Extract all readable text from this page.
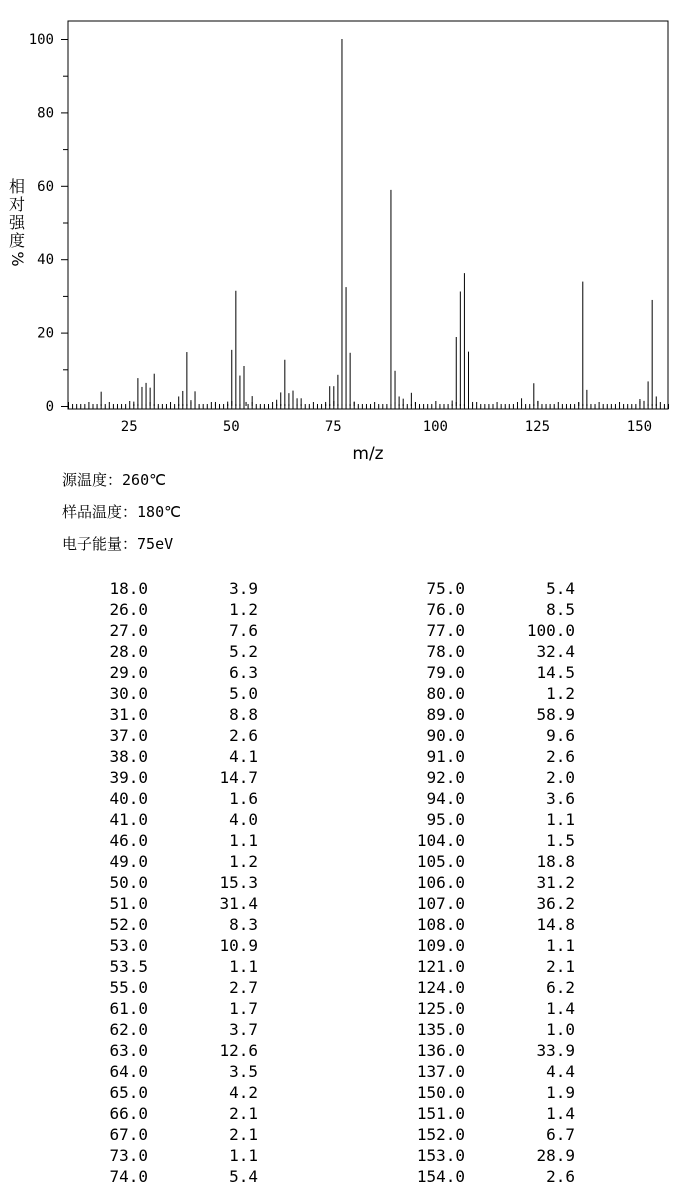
相
对
强
度
%
25	50	75	100	125	150
0
20
40
60
80
100
m/z
源温度：260℃
样品温度：180℃
电子能量：75eV
18.0	3.9
26.0	1.2
27.0	7.6
28.0	5.2
29.0	6.3
30.0	5.0
31.0	8.8
37.0	2.6
38.0	4.1
39.0	14.7
40.0	1.6
41.0	4.0
46.0	1.1
49.0	1.2
50.0	15.3
51.0	31.4
52.0	8.3
53.0	10.9
53.5	1.1
55.0	2.7
61.0	1.7
62.0	3.7
63.0	12.6
64.0	3.5
65.0	4.2
66.0	2.1
67.0	2.1
73.0	1.1
74.0	5.4
75.0	5.4
76.0	8.5
77.0	100.0
78.0	32.4
79.0	14.5
80.0	1.2
89.0	58.9
90.0	9.6
91.0	2.6
92.0	2.0
94.0	3.6
95.0	1.1
104.0	1.5
105.0	18.8
106.0	31.2
107.0	36.2
108.0	14.8
109.0	1.1
121.0	2.1
124.0	6.2
125.0	1.4
135.0	1.0
136.0	33.9
137.0	4.4
150.0	1.9
151.0	1.4
152.0	6.7
153.0	28.9
154.0	2.6
